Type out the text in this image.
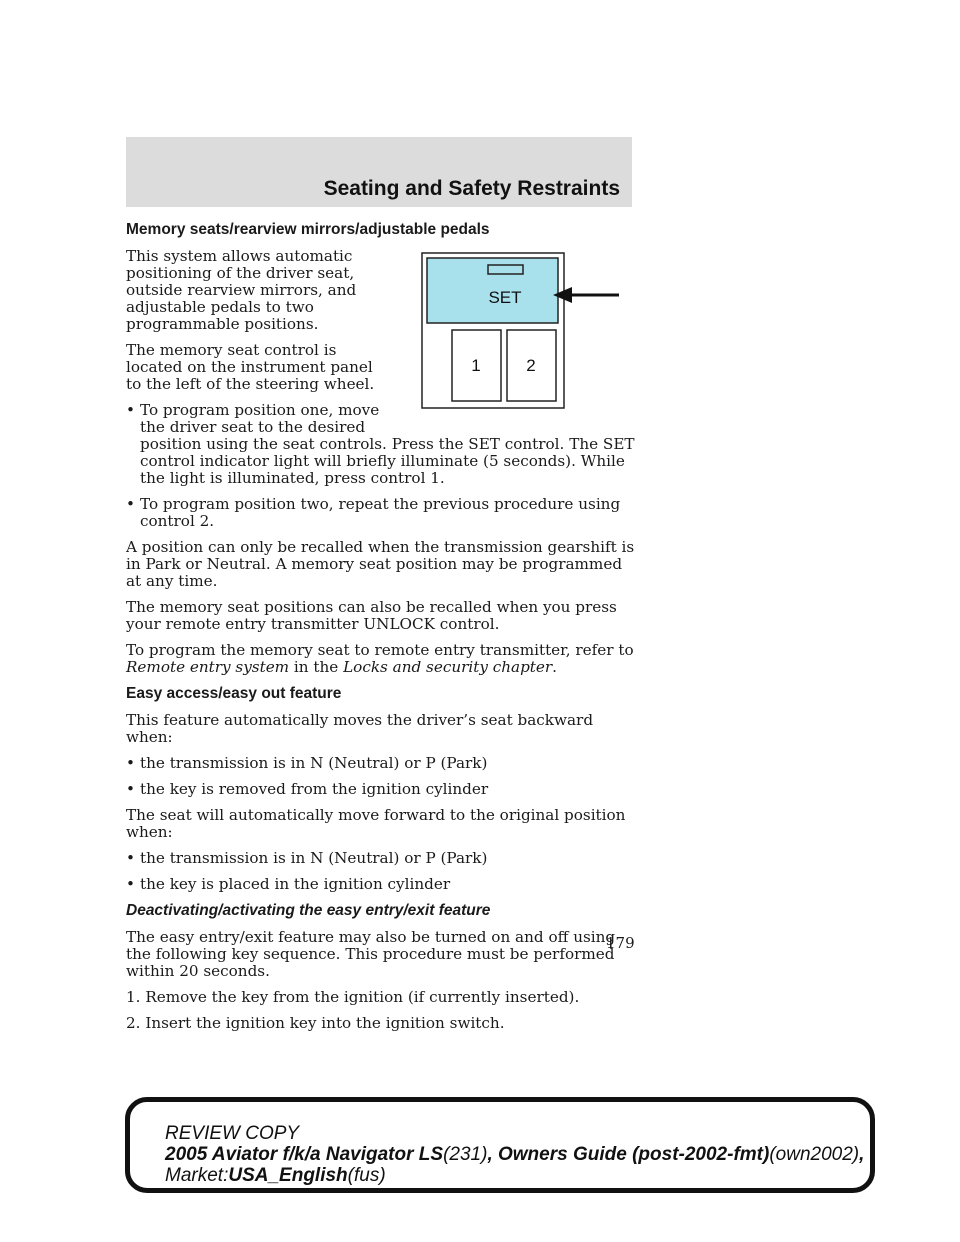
Seating and Safety Restraints
SET
1	2
Memory seats/rearview mirrors/adjustable pedals

This system allows automatic positioning of the driver seat, outside rearview mirrors, and adjustable pedals to two programmable positions.

The memory seat control is located on the instrument panel to the left of the steering wheel.

• To program position one, move the driver seat to the desired
position using the seat controls. Press the SET control. The SET control indicator light will briefly illuminate (5 seconds). While the light is illuminated, press control 1.
• To program position two, repeat the previous procedure using control 2.

A position can only be recalled when the transmission gearshift is in Park or Neutral. A memory seat position may be programmed at any time.

The memory seat positions can also be recalled when you press your remote entry transmitter UNLOCK control.

To program the memory seat to remote entry transmitter, refer to
Remote entry system in the Locks and security chapter.

Easy access/easy out feature

This feature automatically moves the driver’s seat backward when:

• the transmission is in N (Neutral) or P (Park)
• the key is removed from the ignition cylinder

The seat will automatically move forward to the original position when:

• the transmission is in N (Neutral) or P (Park)
• the key is placed in the ignition cylinder
Deactivating/activating the easy entry/exit feature

The easy entry/exit feature may also be turned on and off using the following key sequence. This procedure must be performed within 20 seconds.

1. Remove the key from the ignition (if currently inserted).

2. Insert the ignition key into the ignition switch.

179
REVIEW COPY
2005 Aviator f/k/a Navigator LS(231), Owners Guide (post-2002-fmt)(own2002),
Market:USA_English(fus)
